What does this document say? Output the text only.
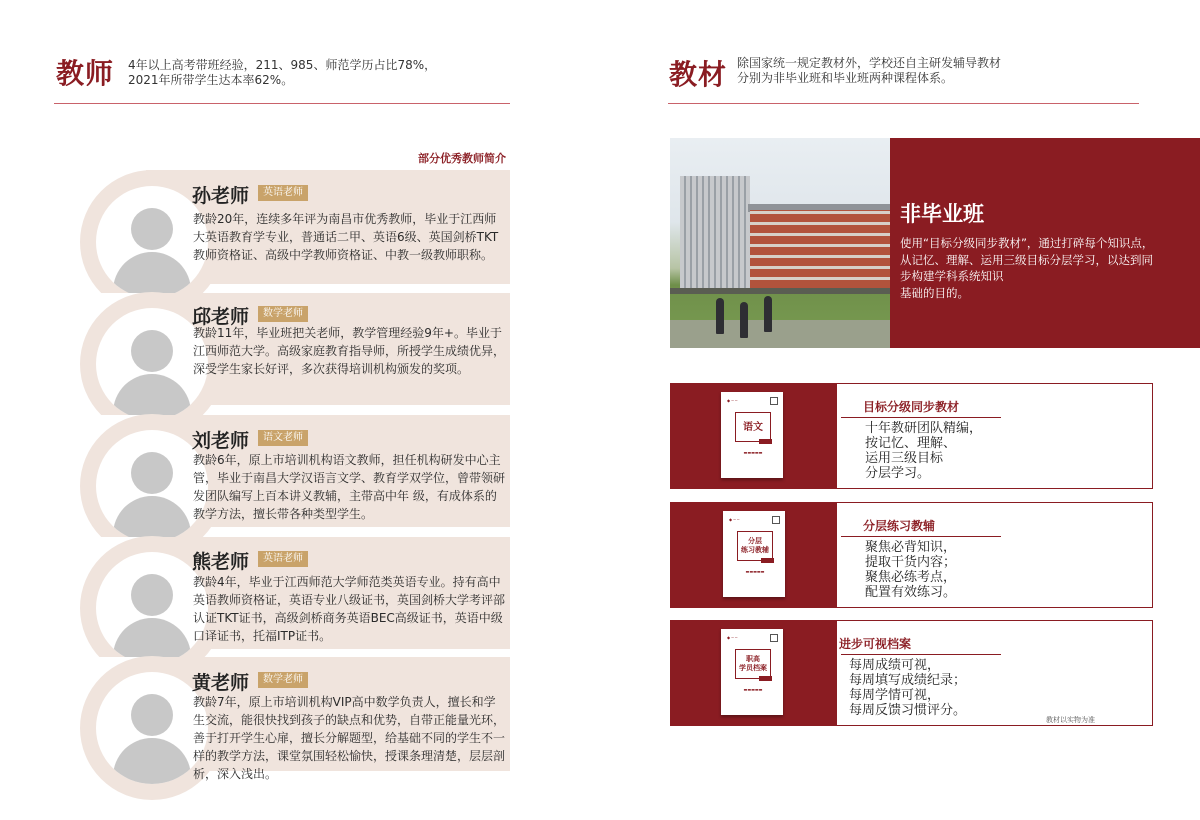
教师 4年以上高考带班经验，211、985、师范学历占比78%，
2021年所带学生达本率62%。
部分优秀教师简介
孙老师	英语老师
教龄20年，连续多年评为南昌市优秀教师，毕业于江西师大英语教育学专业，普通话二甲、英语6级、英国剑桥TKT教师资格证、高级中学教师资格证、中教一级教师职称。
邱老师	数学老师
教龄11年，毕业班把关老师，教学管理经验9年+。毕业于江西师范大学。高级家庭教育指导师，所授学生成绩优异，深受学生家长好评，多次获得培训机构颁发的奖项。
刘老师	语文老师
教龄6年，原上市培训机构语文教师，担任机构研发中心主管，毕业于南昌大学汉语言文学、教育学双学位，曾带领研发团队编写上百本讲义教辅，主带高中年 级，有成体系的教学方法，擅长带各种类型学生。
熊老师	英语老师
教龄4年，毕业于江西师范大学师范类英语专业。持有高中英语教师资格证，英语专业八级证书，英国剑桥大学考评部认证TKT证书，高级剑桥商务英语BEC高级证书，英语中级口译证书，托福ITP证书。
黄老师	数学老师
教龄7年，原上市培训机构VIP高中数学负责人，擅长和学生交流，能很快找到孩子的缺点和优势，自带正能量光环，善于打开学生心扉，擅长分解题型，给基础不同的学生不一样的教学方法，课堂氛围轻松愉快，授课条理清楚，层层剖析，深入浅出。
教材 除国家统一规定教材外，学校还自主研发辅导教材
分别为非毕业班和毕业班两种课程体系。
非毕业班
使用“目标分级同步教材”，通过打碎每个知识点，从记忆、理解、运用三级目标分层学习，以达到同步构建学科系统知识
基础的目的。
◆ ─ ─
语文
▬▬▬▬▬
目标分级同步教材
十年教研团队精编，
按记忆、理解、
运用三级目标
分层学习。
◆ ─ ─
分层
练习教辅
▬▬▬▬▬
分层练习教辅
聚焦必背知识，
提取干货内容；
聚焦必练考点，
配置有效练习。
◆ ─ ─
职高
学员档案
▬▬▬▬▬
进步可视档案
每周成绩可视，
每周填写成绩纪录；
每周学情可视，
每周反馈习惯评分。
教材以实物为准
